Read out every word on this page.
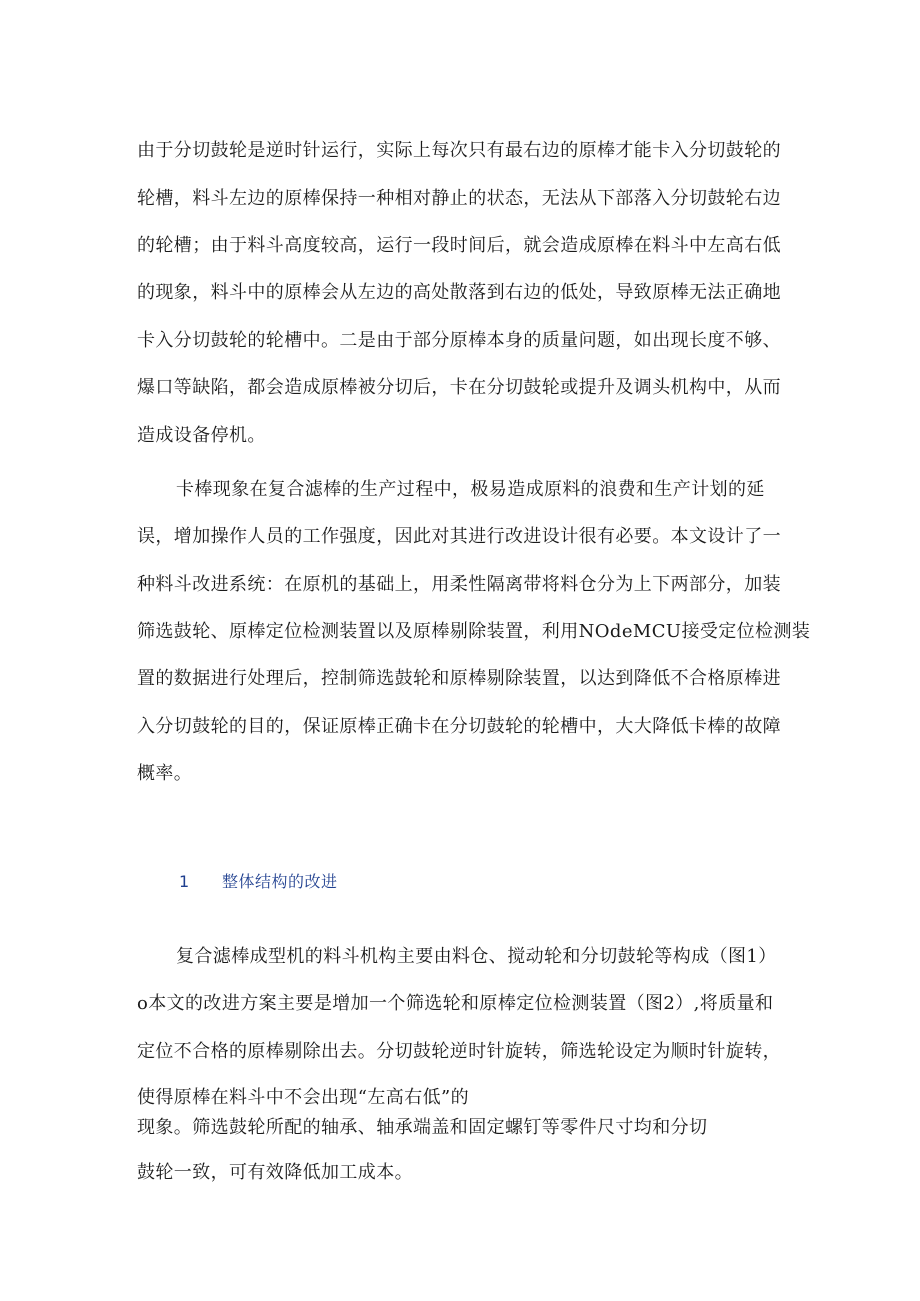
由于分切鼓轮是逆时针运行，实际上每次只有最右边的原棒才能卡入分切鼓轮的
轮槽，料斗左边的原棒保持一种相对静止的状态，无法从下部落入分切鼓轮右边
的轮槽；由于料斗高度较高，运行一段时间后，就会造成原棒在料斗中左高右低
的现象，料斗中的原棒会从左边的高处散落到右边的低处，导致原棒无法正确地
卡入分切鼓轮的轮槽中。二是由于部分原棒本身的质量问题，如出现长度不够、
爆口等缺陷，都会造成原棒被分切后，卡在分切鼓轮或提升及调头机构中，从而
造成设备停机。
卡棒现象在复合滤棒的生产过程中，极易造成原料的浪费和生产计划的延
误，增加操作人员的工作强度，因此对其进行改进设计很有必要。本文设计了一
种料斗改进系统：在原机的基础上，用柔性隔离带将料仓分为上下两部分，加装
筛选鼓轮、原棒定位检测装置以及原棒剔除装置，利用NOdeMCU接受定位检测装
置的数据进行处理后，控制筛选鼓轮和原棒剔除装置，以达到降低不合格原棒进
入分切鼓轮的目的，保证原棒正确卡在分切鼓轮的轮槽中，大大降低卡棒的故障
概率。
1 整体结构的改进
复合滤棒成型机的料斗机构主要由料仓、搅动轮和分切鼓轮等构成（图1）
o本文的改进方案主要是增加一个筛选轮和原棒定位检测装置（图2）,将质量和
定位不合格的原棒剔除出去。分切鼓轮逆时针旋转，筛选轮设定为顺时针旋转，
使得原棒在料斗中不会出现“左高右低”的
现象。筛选鼓轮所配的轴承、轴承端盖和固定螺钉等零件尺寸均和分切
鼓轮一致，可有效降低加工成本。
